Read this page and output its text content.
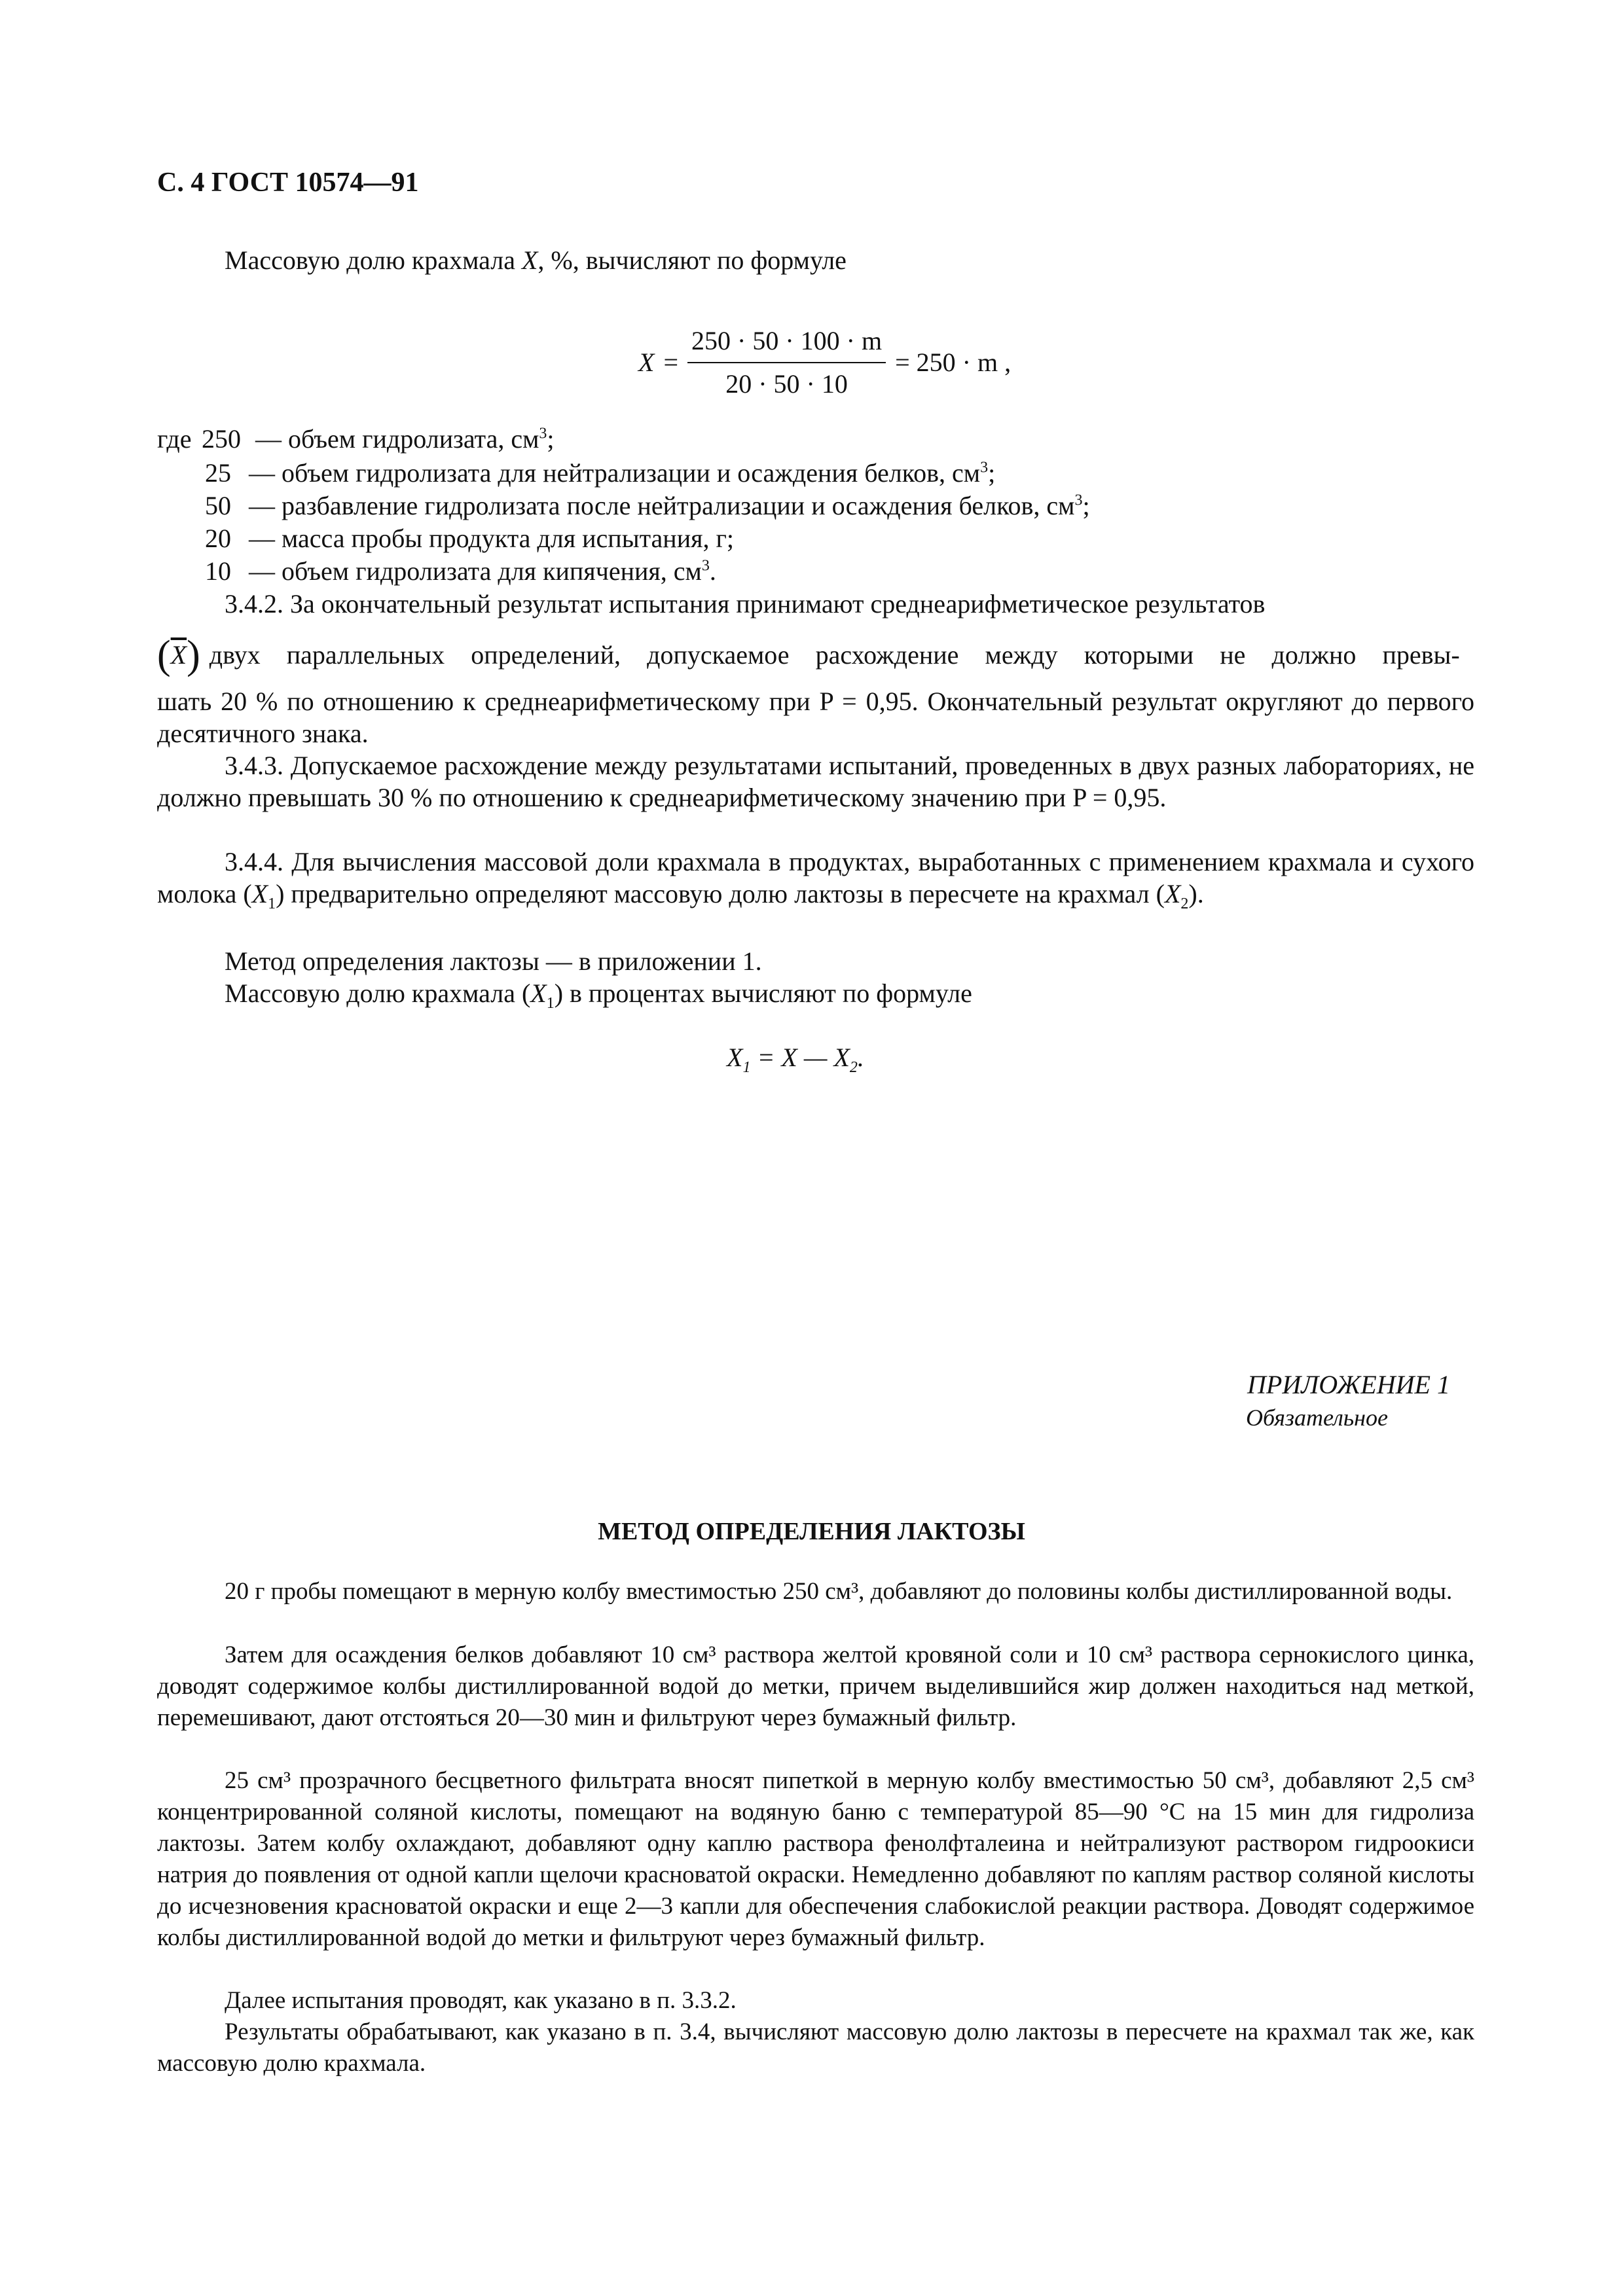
С. 4 ГОСТ 10574—91
Массовую долю крахмала X, %, вычисляют по формуле
$X = \frac{250 \cdot 50 \cdot 100 \cdot m}{20 \cdot 50 \cdot 10} = 250 \cdot m$ ,
где 250 — объем гидролизата, $см^3$;
25 — объем гидролизата для нейтрализации и осаждения белков, $см^3$;
50 — разбавление гидролизата после нейтрализации и осаждения белков, $см^3$;
20 — масса пробы продукта для испытания, г;
10 — объем гидролизата для кипячения, $см^3$.
3.4.2. За окончательный результат испытания принимают среднеарифметическое результатов
( $\overline{X}$ ) двух параллельных определений, допускаемое расхождение между которыми не должно превы-
шать 20 % по отношению к среднеарифметическому при P = 0,95. Окончательный результат округляют до первого десятичного знака.
3.4.3. Допускаемое расхождение между результатами испытаний, проведенных в двух разных лабораториях, не должно превышать 30 % по отношению к среднеарифметическому значению при P = 0,95.
3.4.4. Для вычисления массовой доли крахмала в продуктах, выработанных с применением крахмала и сухого молока $(X_1)$ предварительно определяют массовую долю лактозы в пересчете на крахмал $(X_2)$.
Метод определения лактозы — в приложении 1.
Массовую долю крахмала $(X_1)$ в процентах вычисляют по формуле
$X_1 = X$ — $X_2$.
ПРИЛОЖЕНИЕ 1
Обязательное
МЕТОД ОПРЕДЕЛЕНИЯ ЛАКТОЗЫ
20 г пробы помещают в мерную колбу вместимостью 250 см³, добавляют до половины колбы дистиллированной воды.
Затем для осаждения белков добавляют 10 см³ раствора желтой кровяной соли и 10 см³ раствора сернокислого цинка, доводят содержимое колбы дистиллированной водой до метки, причем выделившийся жир должен находиться над меткой, перемешивают, дают отстояться 20—30 мин и фильтруют через бумажный фильтр.
25 см³ прозрачного бесцветного фильтрата вносят пипеткой в мерную колбу вместимостью 50 см³, добавляют 2,5 см³ концентрированной соляной кислоты, помещают на водяную баню с температурой 85—90 °С на 15 мин для гидролиза лактозы. Затем колбу охлаждают, добавляют одну каплю раствора фенолфталеина и нейтрализуют раствором гидроокиси натрия до появления от одной капли щелочи красноватой окраски. Немедленно добавляют по каплям раствор соляной кислоты до исчезновения красноватой окраски и еще 2—3 капли для обеспечения слабокислой реакции раствора. Доводят содержимое колбы дистиллированной водой до метки и фильтруют через бумажный фильтр.
Далее испытания проводят, как указано в п. 3.3.2.
Результаты обрабатывают, как указано в п. 3.4, вычисляют массовую долю лактозы в пересчете на крахмал так же, как массовую долю крахмала.
